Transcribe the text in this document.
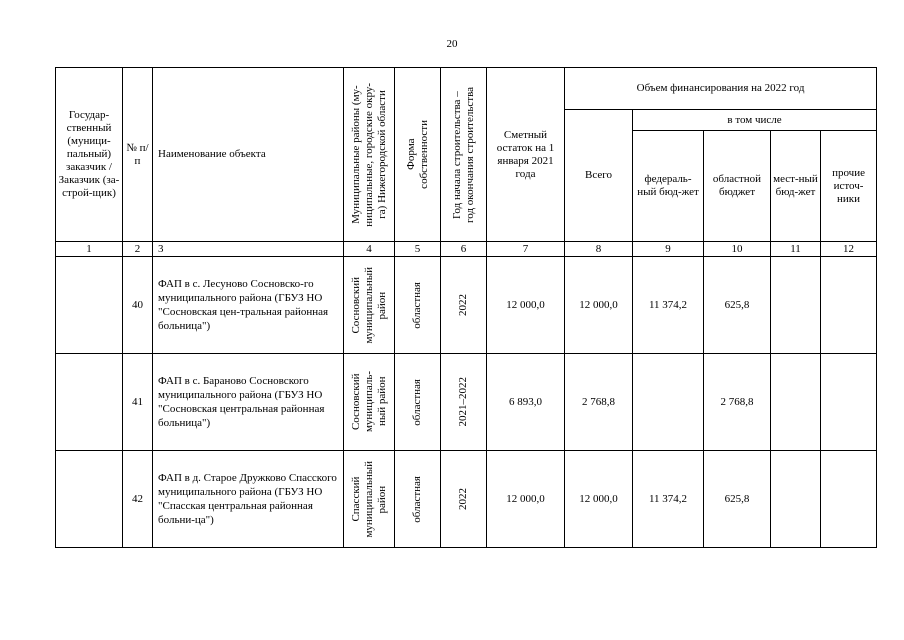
20
Государ-ственный (муници-пальный) заказчик / Заказчик (за-строй-щик)	№ п/п	Наименование объекта	Муниципальные районы (му-
ниципальные, городские окру-
га) Нижегородской области	Форма
собственности	Год начала строительства –
год окончания строительства	Сметный остаток на 1 января 2021 года	Объем финансирования на 2022 год				
							Всего	в том числе			
								федераль-ный бюд-жет	областной бюджет	мест-ный бюд-жет	прочие источ-ники
1	2	3	4	5	6	7	8	9	10	11	12
	40	ФАП в с. Лесуново Сосновско-го муниципального района (ГБУЗ НО "Сосновская цен-тральная районная больница")	Сосновский
муниципальный
район	областная	2022	12 000,0	12 000,0	11 374,2	625,8		
	41	ФАП в с. Бараново Сосновского муниципального района (ГБУЗ НО "Сосновская центральная районная больница")	Сосновский
муниципаль-
ный район	областная	2021–2022	6 893,0	2 768,8		2 768,8		
	42	ФАП в д. Старое Дружково Спасского муниципального района (ГБУЗ НО "Спасская центральная районная больни-ца")	Спасский
муниципальный
район	областная	2022	12 000,0	12 000,0	11 374,2	625,8		
